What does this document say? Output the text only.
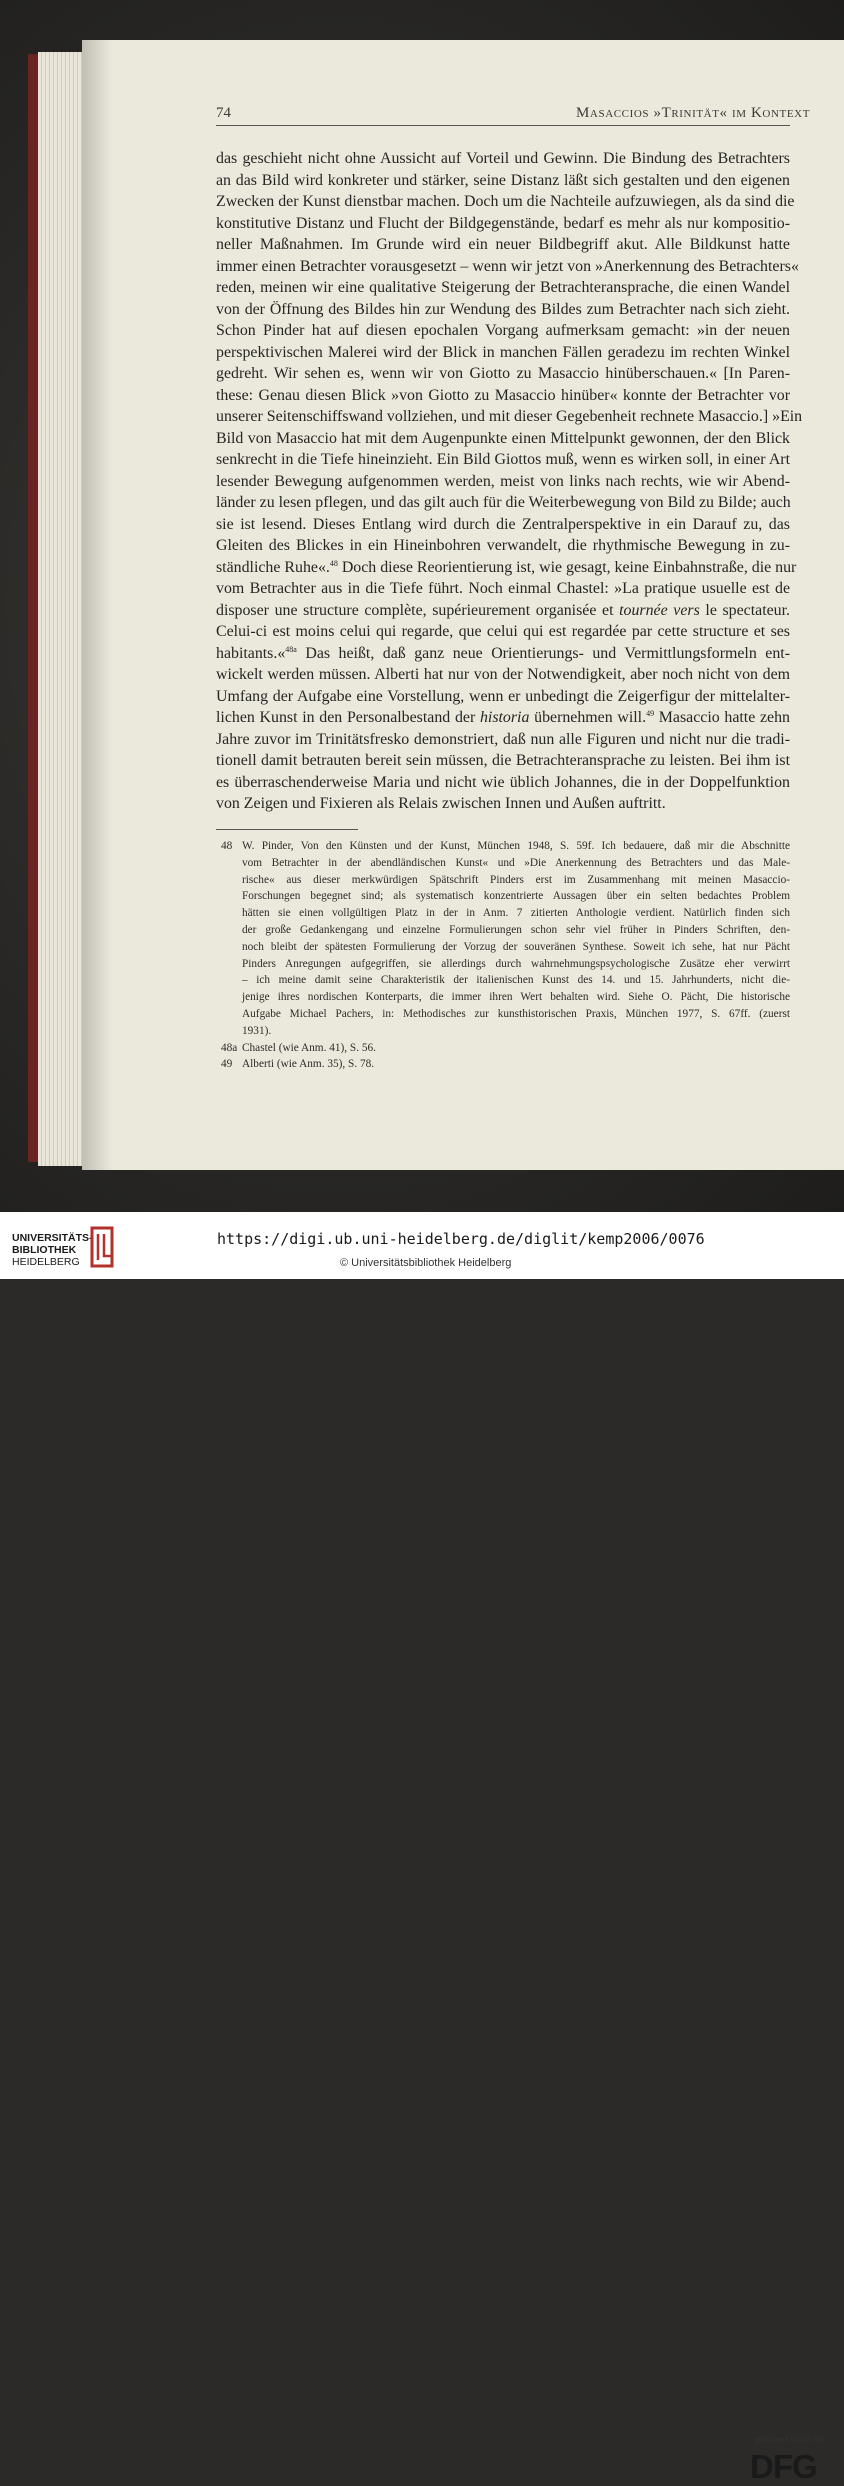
74	Masaccios »Trinität« im Kontext
das geschieht nicht ohne Aussicht auf Vorteil und Gewinn. Die Bindung des Betrachters
an das Bild wird konkreter und stärker, seine Distanz läßt sich gestalten und den eigenen
Zwecken der Kunst dienstbar machen. Doch um die Nachteile aufzuwiegen, als da sind die
konstitutive Distanz und Flucht der Bildgegenstände, bedarf es mehr als nur kompositio-
neller Maßnahmen. Im Grunde wird ein neuer Bildbegriff akut. Alle Bildkunst hatte
immer einen Betrachter vorausgesetzt – wenn wir jetzt von »Anerkennung des Betrachters«
reden, meinen wir eine qualitative Steigerung der Betrachteransprache, die einen Wandel
von der Öffnung des Bildes hin zur Wendung des Bildes zum Betrachter nach sich zieht.
Schon Pinder hat auf diesen epochalen Vorgang aufmerksam gemacht: »in der neuen
perspektivischen Malerei wird der Blick in manchen Fällen geradezu im rechten Winkel
gedreht. Wir sehen es, wenn wir von Giotto zu Masaccio hinüberschauen.« [In Paren-
these: Genau diesen Blick »von Giotto zu Masaccio hinüber« konnte der Betrachter vor
unserer Seitenschiffswand vollziehen, und mit dieser Gegebenheit rechnete Masaccio.] »Ein
Bild von Masaccio hat mit dem Augenpunkte einen Mittelpunkt gewonnen, der den Blick
senkrecht in die Tiefe hineinzieht. Ein Bild Giottos muß, wenn es wirken soll, in einer Art
lesender Bewegung aufgenommen werden, meist von links nach rechts, wie wir Abend-
länder zu lesen pflegen, und das gilt auch für die Weiterbewegung von Bild zu Bilde; auch
sie ist lesend. Dieses Entlang wird durch die Zentralperspektive in ein Darauf zu, das
Gleiten des Blickes in ein Hineinbohren verwandelt, die rhythmische Bewegung in zu-
ständliche Ruhe«.$^{48}$ Doch diese Reorientierung ist, wie gesagt, keine Einbahnstraße, die nur
vom Betrachter aus in die Tiefe führt. Noch einmal Chastel: »La pratique usuelle est de
disposer une structure complète, supérieurement organisée et tournée vers le spectateur.
Celui-ci est moins celui qui regarde, que celui qui est regardée par cette structure et ses
habitants.«$^{48a}$ Das heißt, daß ganz neue Orientierungs- und Vermittlungsformeln ent-
wickelt werden müssen. Alberti hat nur von der Notwendigkeit, aber noch nicht von dem
Umfang der Aufgabe eine Vorstellung, wenn er unbedingt die Zeigerfigur der mittelalter-
lichen Kunst in den Personalbestand der historia übernehmen will.$^{49}$ Masaccio hatte zehn
Jahre zuvor im Trinitätsfresko demonstriert, daß nun alle Figuren und nicht nur die tradi-
tionell damit betrauten bereit sein müssen, die Betrachteransprache zu leisten. Bei ihm ist
es überraschenderweise Maria und nicht wie üblich Johannes, die in der Doppelfunktion
von Zeigen und Fixieren als Relais zwischen Innen und Außen auftritt.
48 W. Pinder, Von den Künsten und der Kunst, München 1948, S. 59f. Ich bedauere, daß mir die Abschnitte
vom Betrachter in der abendländischen Kunst« und »Die Anerkennung des Betrachters und das Male-
rische« aus dieser merkwürdigen Spätschrift Pinders erst im Zusammenhang mit meinen Masaccio-
Forschungen begegnet sind; als systematisch konzentrierte Aussagen über ein selten bedachtes Problem
hätten sie einen vollgültigen Platz in der in Anm. 7 zitierten Anthologie verdient. Natürlich finden sich
der große Gedankengang und einzelne Formulierungen schon sehr viel früher in Pinders Schriften, den-
noch bleibt der spätesten Formulierung der Vorzug der souveränen Synthese. Soweit ich sehe, hat nur Pächt
Pinders Anregungen aufgegriffen, sie allerdings durch wahrnehmungspsychologische Zusätze eher verwirrt
– ich meine damit seine Charakteristik der italienischen Kunst des 14. und 15. Jahrhunderts, nicht die-
jenige ihres nordischen Konterparts, die immer ihren Wert behalten wird. Siehe O. Pächt, Die historische
Aufgabe Michael Pachers, in: Methodisches zur kunsthistorischen Praxis, München 1977, S. 67ff. (zuerst
1931).
48a Chastel (wie Anm. 41), S. 56.
49 Alberti (wie Anm. 35), S. 78.
UNIVERSITÄTS-
BIBLIOTHEK
HEIDELBERG
gefördert durch die
DFG
https://digi.ub.uni-heidelberg.de/diglit/kemp2006/0076
© Universitätsbibliothek Heidelberg
